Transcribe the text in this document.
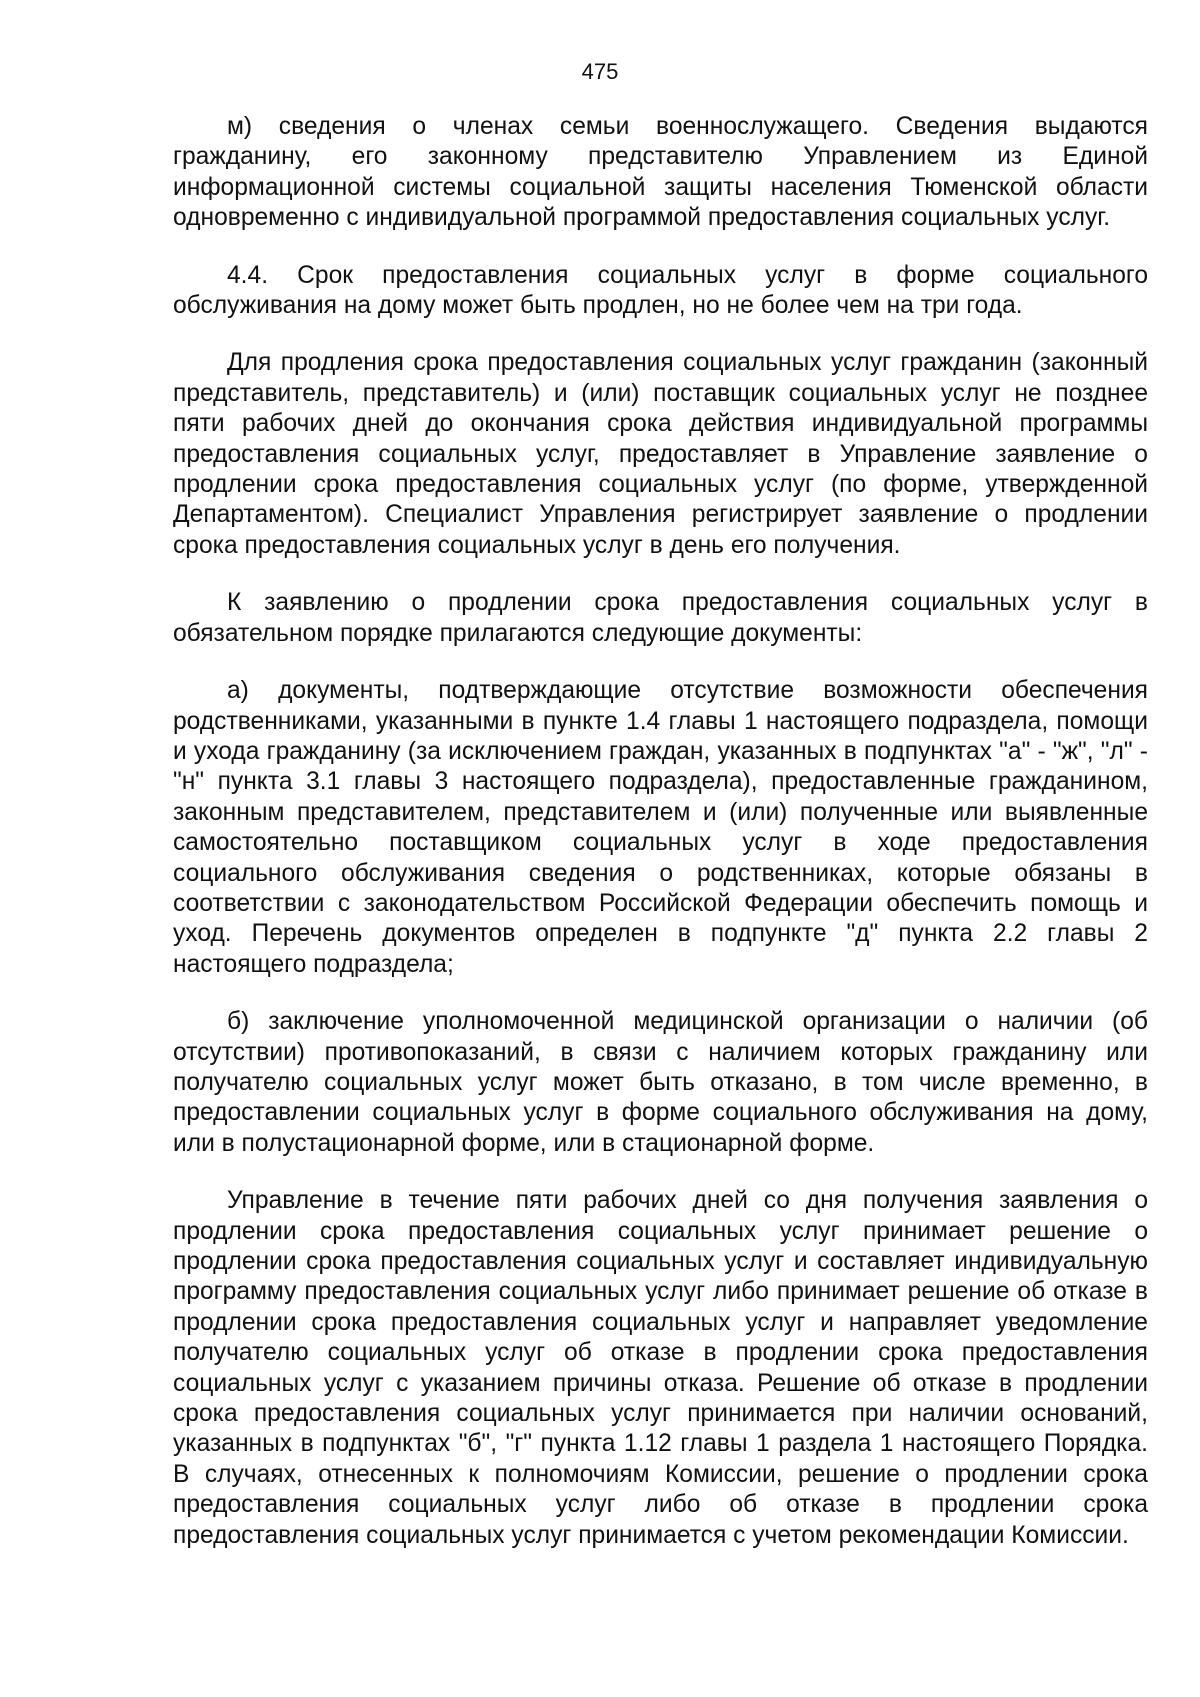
475

м) сведения о членах семьи военнослужащего. Сведения выдаются гражданину, его законному представителю Управлением из Единой информационной системы социальной защиты населения Тюменской области одновременно с индивидуальной программой предоставления социальных услуг.

4.4. Срок предоставления социальных услуг в форме социального обслуживания на дому может быть продлен, но не более чем на три года.

Для продления срока предоставления социальных услуг гражданин (законный представитель, представитель) и (или) поставщик социальных услуг не позднее пяти рабочих дней до окончания срока действия индивидуальной программы предоставления социальных услуг, предоставляет в Управление заявление о продлении срока предоставления социальных услуг (по форме, утвержденной Департаментом). Специалист Управления регистрирует заявление о продлении срока предоставления социальных услуг в день его получения.

К заявлению о продлении срока предоставления социальных услуг в обязательном порядке прилагаются следующие документы:

а) документы, подтверждающие отсутствие возможности обеспечения родственниками, указанными в пункте 1.4 главы 1 настоящего подраздела, помощи и ухода гражданину (за исключением граждан, указанных в подпунктах "а" - "ж", "л" - "н" пункта 3.1 главы 3 настоящего подраздела), предоставленные гражданином, законным представителем, представителем и (или) полученные или выявленные самостоятельно поставщиком социальных услуг в ходе предоставления социального обслуживания сведения о родственниках, которые обязаны в соответствии с законодательством Российской Федерации обеспечить помощь и уход. Перечень документов определен в подпункте "д" пункта 2.2 главы 2 настоящего подраздела;

б) заключение уполномоченной медицинской организации о наличии (об отсутствии) противопоказаний, в связи с наличием которых гражданину или получателю социальных услуг может быть отказано, в том числе временно, в предоставлении социальных услуг в форме социального обслуживания на дому, или в полустационарной форме, или в стационарной форме.

Управление в течение пяти рабочих дней со дня получения заявления о продлении срока предоставления социальных услуг принимает решение о продлении срока предоставления социальных услуг и составляет индивидуальную программу предоставления социальных услуг либо принимает решение об отказе в продлении срока предоставления социальных услуг и направляет уведомление получателю социальных услуг об отказе в продлении срока предоставления социальных услуг с указанием причины отказа. Решение об отказе в продлении срока предоставления социальных услуг принимается при наличии оснований, указанных в подпунктах "б", "г" пункта 1.12 главы 1 раздела 1 настоящего Порядка. В случаях, отнесенных к полномочиям Комиссии, решение о продлении срока предоставления социальных услуг либо об отказе в продлении срока предоставления социальных услуг принимается с учетом рекомендации Комиссии.
